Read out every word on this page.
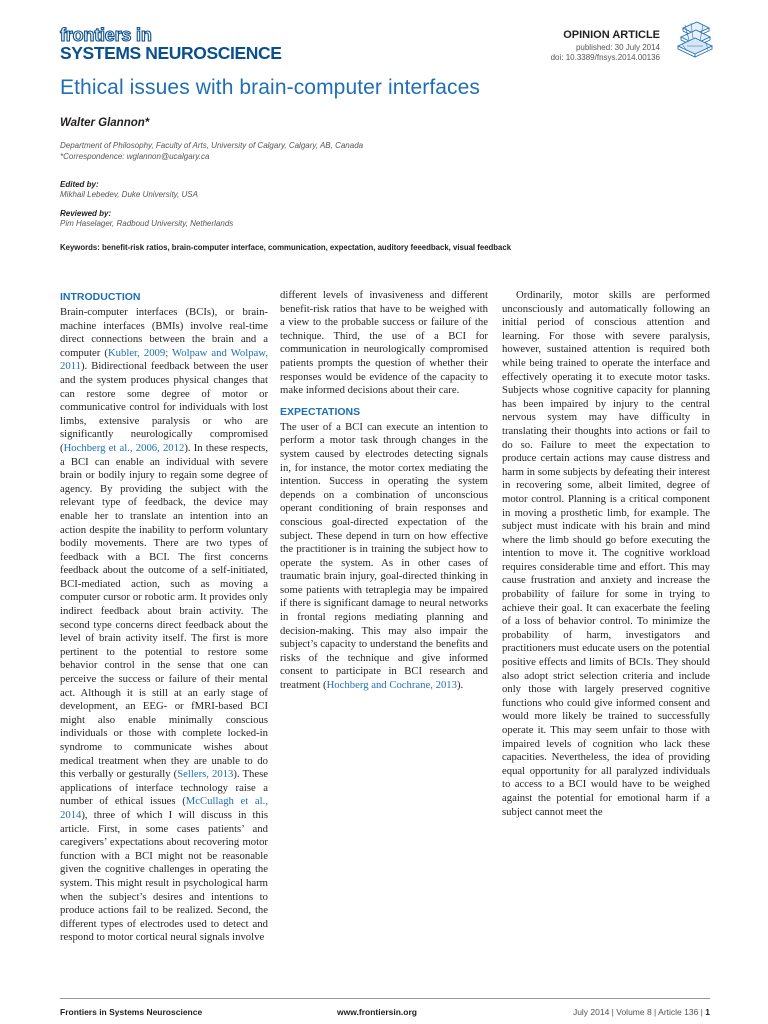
frontiers in
SYSTEMS NEUROSCIENCE
OPINION ARTICLE
published: 30 July 2014
doi: 10.3389/fnsys.2014.00136
Ethical issues with brain-computer interfaces
Walter Glannon*
Department of Philosophy, Faculty of Arts, University of Calgary, Calgary, AB, Canada
*Correspondence: wglannon@ucalgary.ca
Edited by:
Mikhail Lebedev, Duke University, USA
Reviewed by:
Pim Haselager, Radboud University, Netherlands
Keywords: benefit-risk ratios, brain-computer interface, communication, expectation, auditory feeedback, visual feedback
INTRODUCTION
Brain-computer interfaces (BCIs), or brain-machine interfaces (BMIs) involve real-time direct connections between the brain and a computer (Kubler, 2009; Wolpaw and Wolpaw, 2011). Bidirectional feedback between the user and the system produces physical changes that can restore some degree of motor or communicative control for individuals with lost limbs, extensive paralysis or who are significantly neurologically compromised (Hochberg et al., 2006, 2012). In these respects, a BCI can enable an individual with severe brain or bodily injury to regain some degree of agency. By providing the subject with the relevant type of feedback, the device may enable her to translate an intention into an action despite the inability to perform voluntary bodily movements. There are two types of feedback with a BCI. The first concerns feedback about the outcome of a self-initiated, BCI-mediated action, such as moving a computer cursor or robotic arm. It provides only indirect feedback about brain activity. The second type concerns direct feedback about the level of brain activity itself. The first is more pertinent to the potential to restore some behavior control in the sense that one can perceive the success or failure of their mental act. Although it is still at an early stage of development, an EEG- or fMRI-based BCI might also enable minimally conscious individuals or those with complete locked-in syndrome to communicate wishes about medical treatment when they are unable to do this verbally or gesturally (Sellers, 2013). These applications of interface technology raise a number of ethical issues (McCullagh et al., 2014), three of which I will discuss in this article. First, in some cases patients’ and caregivers’ expectations about recovering motor function with a BCI might not be reasonable given the cognitive challenges in operating the system. This might result in psychological harm when the subject’s desires and intentions to produce actions fail to be realized. Second, the different types of electrodes used to detect and respond to motor cortical neural signals involve
different levels of invasiveness and different benefit-risk ratios that have to be weighed with a view to the probable success or failure of the technique. Third, the use of a BCI for communication in neurologically compromised patients prompts the question of whether their responses would be evidence of the capacity to make informed decisions about their care.
EXPECTATIONS
The user of a BCI can execute an intention to perform a motor task through changes in the system caused by electrodes detecting signals in, for instance, the motor cortex mediating the intention. Success in operating the system depends on a combination of unconscious operant conditioning of brain responses and conscious goal-directed expectation of the subject. These depend in turn on how effective the practitioner is in training the subject how to operate the system. As in other cases of traumatic brain injury, goal-directed thinking in some patients with tetraplegia may be impaired if there is significant damage to neural networks in frontal regions mediating planning and decision-making. This may also impair the subject’s capacity to understand the benefits and risks of the technique and give informed consent to participate in BCI research and treatment (Hochberg and Cochrane, 2013).
Ordinarily, motor skills are performed unconsciously and automatically following an initial period of conscious attention and learning. For those with severe paralysis, however, sustained attention is required both while being trained to operate the interface and effectively operating it to execute motor tasks. Subjects whose cognitive capacity for planning has been impaired by injury to the central nervous system may have difficulty in translating their thoughts into actions or fail to do so. Failure to meet the expectation to produce certain actions may cause distress and harm in some subjects by defeating their interest in recovering some, albeit limited, degree of motor control. Planning is a critical component in moving a prosthetic limb, for example. The subject must indicate with his brain and mind where the limb should go before executing the intention to move it. The cognitive workload requires considerable time and effort. This may cause frustration and anxiety and increase the probability of failure for some in trying to achieve their goal. It can exacerbate the feeling of a loss of behavior control. To minimize the probability of harm, investigators and practitioners must educate users on the potential positive effects and limits of BCIs. They should also adopt strict selection criteria and include only those with largely preserved cognitive functions who could give informed consent and would more likely be trained to successfully operate it. This may seem unfair to those with impaired levels of cognition who lack these capacities. Nevertheless, the idea of providing equal opportunity for all paralyzed individuals to access to a BCI would have to be weighed against the potential for emotional harm if a subject cannot meet the
Frontiers in Systems Neuroscience	www.frontiersin.org	July 2014 | Volume 8 | Article 136 | 1
